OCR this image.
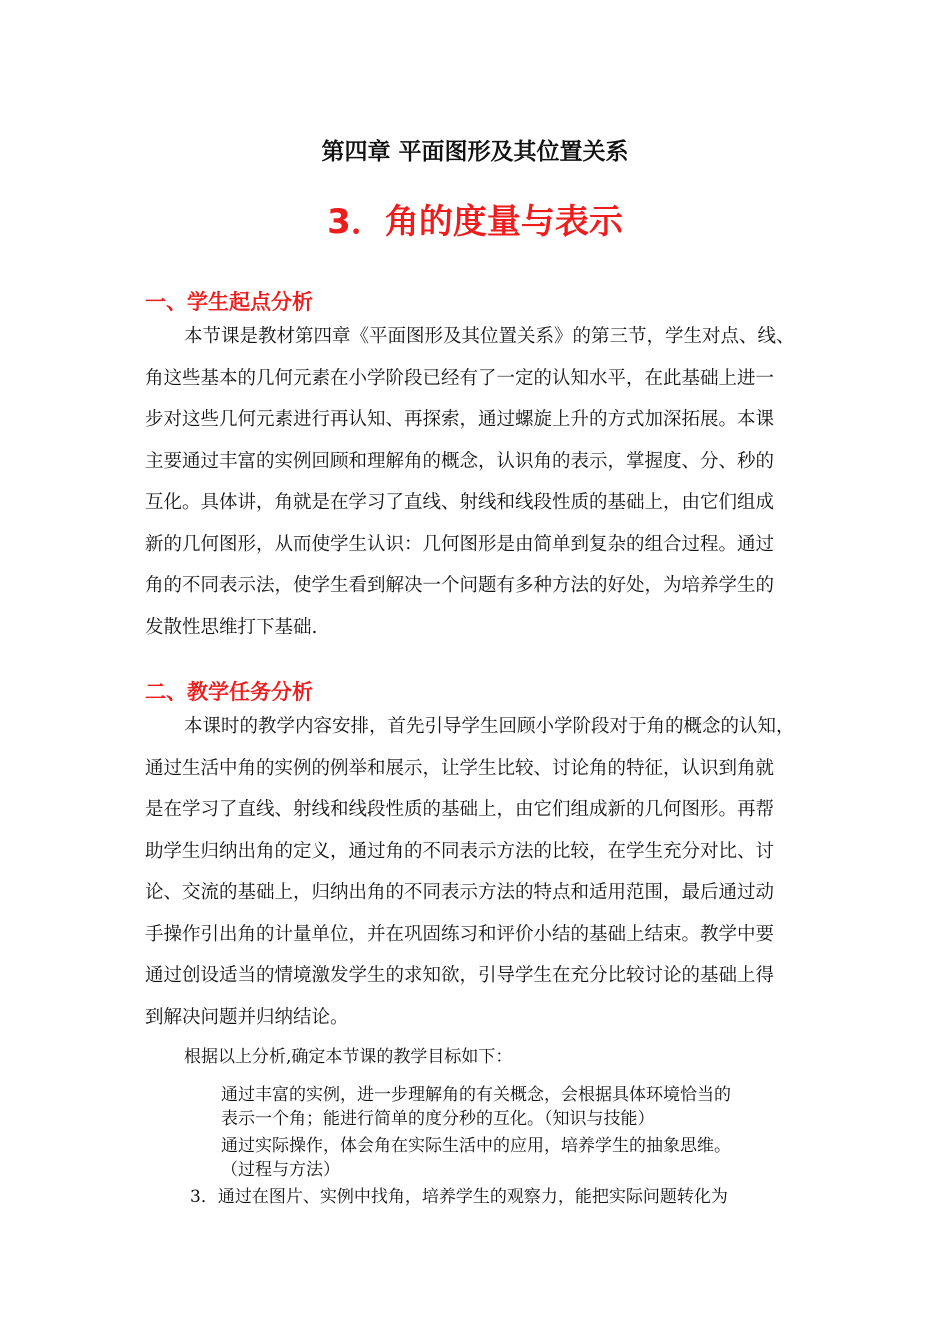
第四章 平面图形及其位置关系
3．角的度量与表示
一、学生起点分析
本节课是教材第四章《平面图形及其位置关系》的第三节，学生对点、线、
角这些基本的几何元素在小学阶段已经有了一定的认知水平，在此基础上进一
步对这些几何元素进行再认知、再探索，通过螺旋上升的方式加深拓展。本课
主要通过丰富的实例回顾和理解角的概念，认识角的表示，掌握度、分、秒的
互化。具体讲，角就是在学习了直线、射线和线段性质的基础上，由它们组成
新的几何图形，从而使学生认识：几何图形是由简单到复杂的组合过程。通过
角的不同表示法，使学生看到解决一个问题有多种方法的好处，为培养学生的
发散性思维打下基础.
二、教学任务分析
本课时的教学内容安排，首先引导学生回顾小学阶段对于角的概念的认知，
通过生活中角的实例的例举和展示，让学生比较、讨论角的特征，认识到角就
是在学习了直线、射线和线段性质的基础上，由它们组成新的几何图形。再帮
助学生归纳出角的定义，通过角的不同表示方法的比较，在学生充分对比、讨
论、交流的基础上，归纳出角的不同表示方法的特点和适用范围，最后通过动
手操作引出角的计量单位，并在巩固练习和评价小结的基础上结束。教学中要
通过创设适当的情境激发学生的求知欲，引导学生在充分比较讨论的基础上得
到解决问题并归纳结论。
根据以上分析,确定本节课的教学目标如下：
通过丰富的实例，进一步理解角的有关概念，会根据具体环境恰当的
表示一个角；能进行简单的度分秒的互化。（知识与技能）
通过实际操作，体会角在实际生活中的应用，培养学生的抽象思维。
（过程与方法）
3．通过在图片、实例中找角，培养学生的观察力，能把实际问题转化为
